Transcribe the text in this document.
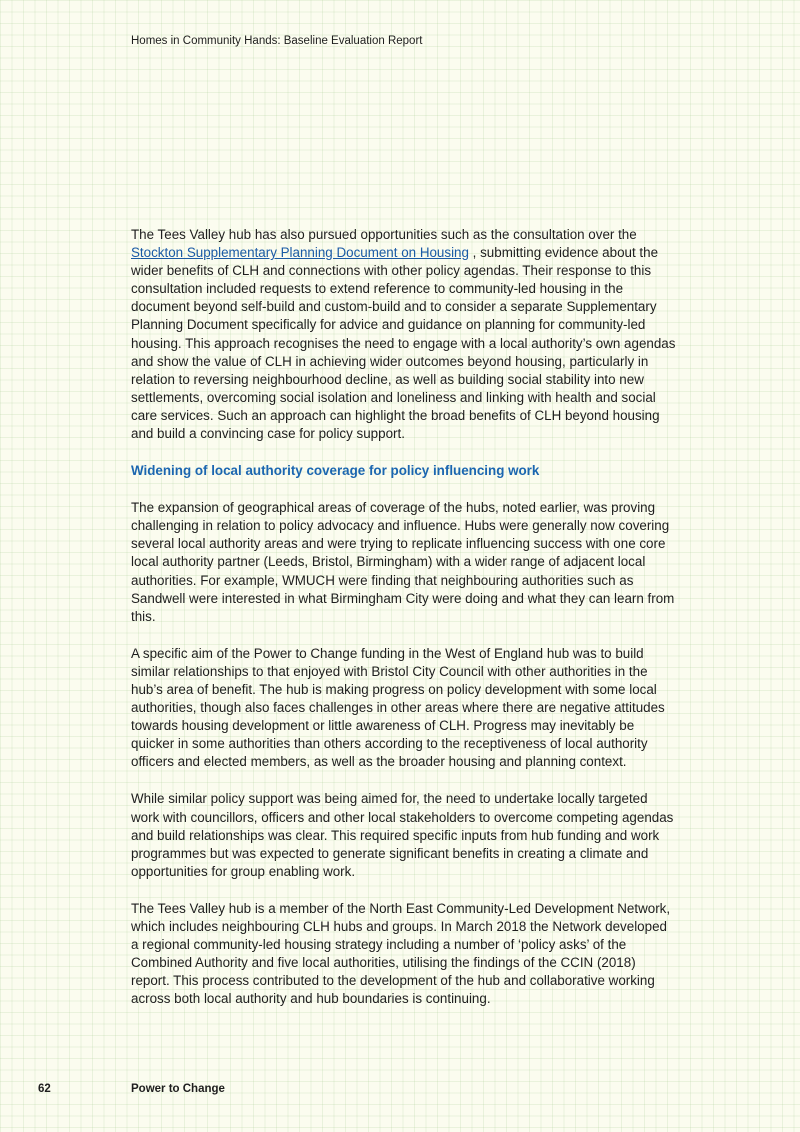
Homes in Community Hands: Baseline Evaluation Report

The Tees Valley hub has also pursued opportunities such as the consultation over the Stockton Supplementary Planning Document on Housing , submitting evidence about the wider benefits of CLH and connections with other policy agendas. Their response to this consultation included requests to extend reference to community-led housing in the document beyond self-build and custom-build and to consider a separate Supplementary Planning Document specifically for advice and guidance on planning for community-led housing. This approach recognises the need to engage with a local authority’s own agendas and show the value of CLH in achieving wider outcomes beyond housing, particularly in relation to reversing neighbourhood decline, as well as building social stability into new settlements, overcoming social isolation and loneliness and linking with health and social care services. Such an approach can highlight the broad benefits of CLH beyond housing and build a convincing case for policy support.

Widening of local authority coverage for policy influencing work

The expansion of geographical areas of coverage of the hubs, noted earlier, was proving challenging in relation to policy advocacy and influence. Hubs were generally now covering several local authority areas and were trying to replicate influencing success with one core local authority partner (Leeds, Bristol, Birmingham) with a wider range of adjacent local authorities. For example, WMUCH were finding that neighbouring authorities such as Sandwell were interested in what Birmingham City were doing and what they can learn from this.

A specific aim of the Power to Change funding in the West of England hub was to build similar relationships to that enjoyed with Bristol City Council with other authorities in the hub’s area of benefit. The hub is making progress on policy development with some local authorities, though also faces challenges in other areas where there are negative attitudes towards housing development or little awareness of CLH. Progress may inevitably be quicker in some authorities than others according to the receptiveness of local authority officers and elected members, as well as the broader housing and planning context.

While similar policy support was being aimed for, the need to undertake locally targeted work with councillors, officers and other local stakeholders to overcome competing agendas and build relationships was clear. This required specific inputs from hub funding and work programmes but was expected to generate significant benefits in creating a climate and opportunities for group enabling work.

The Tees Valley hub is a member of the North East Community-Led Development Network, which includes neighbouring CLH hubs and groups. In March 2018 the Network developed a regional community-led housing strategy including a number of ‘policy asks’ of the Combined Authority and five local authorities, utilising the findings of the CCIN (2018) report. This process contributed to the development of the hub and collaborative working across both local authority and hub boundaries is continuing.

62	Power to Change
